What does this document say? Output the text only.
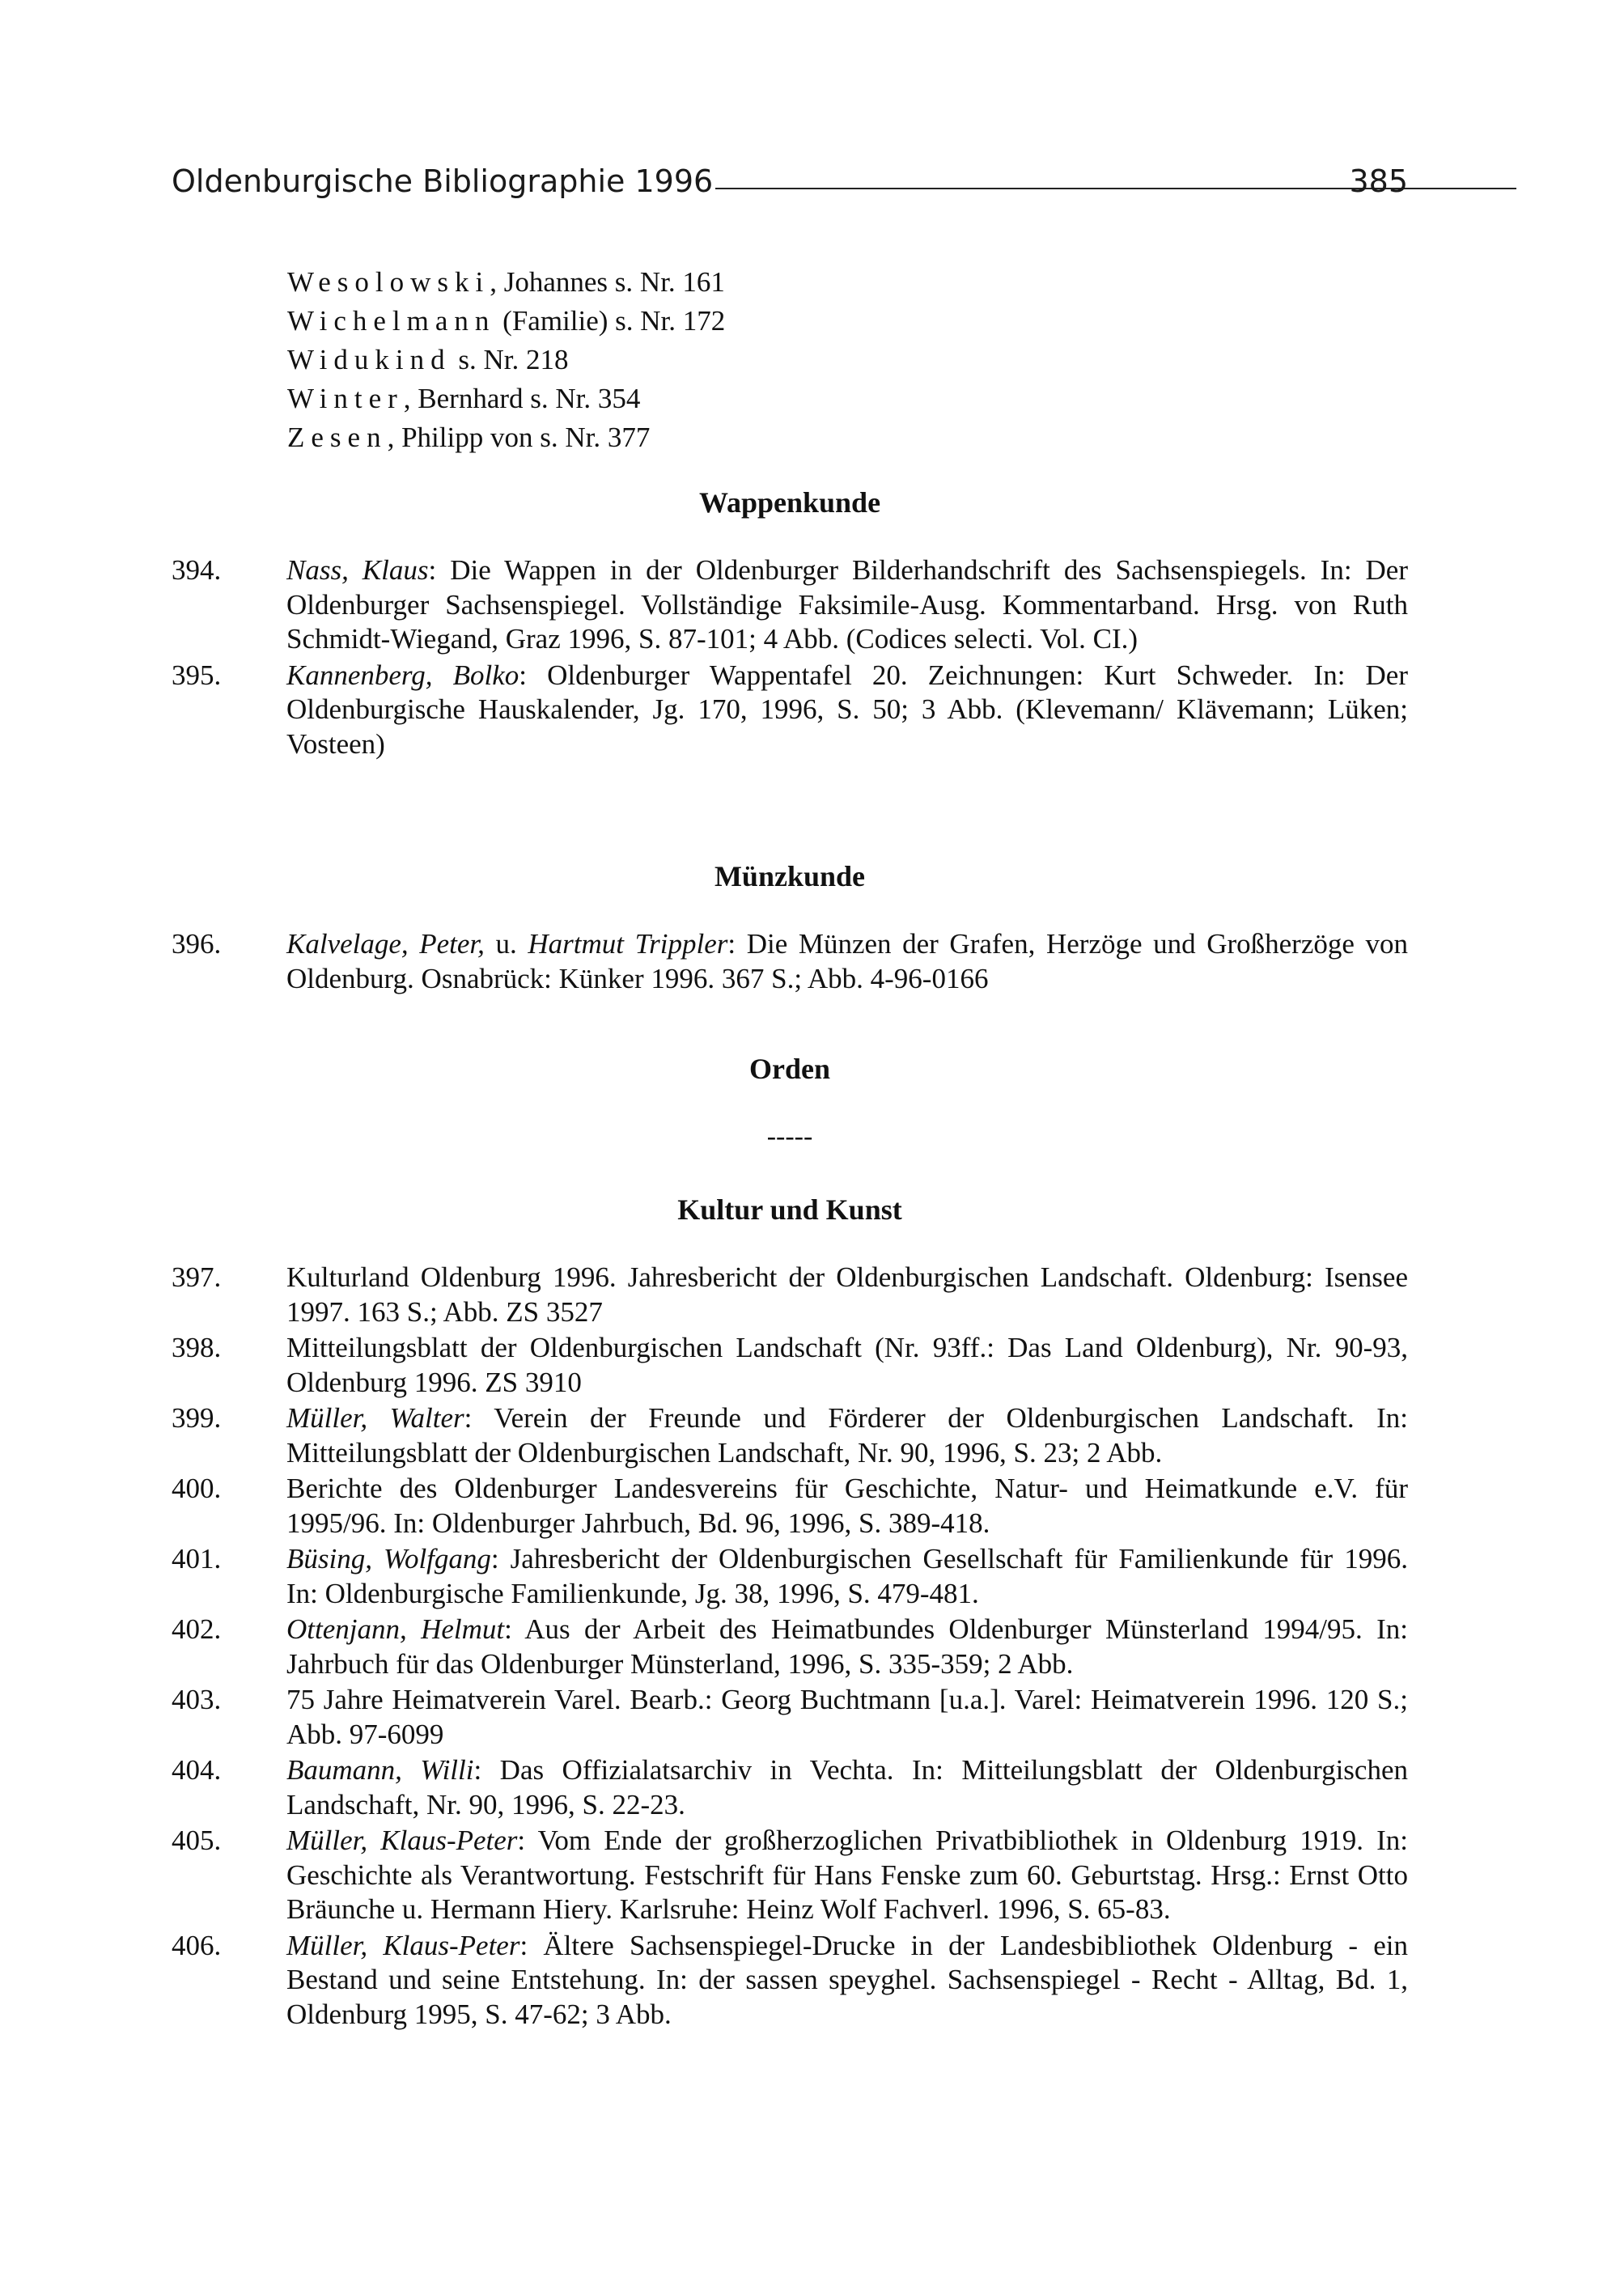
Oldenburgische Bibliographie 1996	385
Wesolowski, Johannes s. Nr. 161
Wichelmann (Familie) s. Nr. 172
Widukind s. Nr. 218
Winter, Bernhard s. Nr. 354
Zesen, Philipp von s. Nr. 377
Wappenkunde
394. Nass, Klaus: Die Wappen in der Oldenburger Bilderhandschrift des Sachsenspiegels. In: Der Oldenburger Sachsenspiegel. Vollständige Faksimile-Ausg. Kommentarband. Hrsg. von Ruth Schmidt-Wiegand, Graz 1996, S. 87-101; 4 Abb. (Codices selecti. Vol. CI.)
395. Kannenberg, Bolko: Oldenburger Wappentafel 20. Zeichnungen: Kurt Schweder. In: Der Oldenburgische Hauskalender, Jg. 170, 1996, S. 50; 3 Abb. (Klevemann/ Klävemann; Lüken; Vosteen)
Münzkunde
396. Kalvelage, Peter, u. Hartmut Trippler: Die Münzen der Grafen, Herzöge und Großherzöge von Oldenburg. Osnabrück: Künker 1996. 367 S.; Abb. 4-96-0166
Orden
-----
Kultur und Kunst
397. Kulturland Oldenburg 1996. Jahresbericht der Oldenburgischen Landschaft. Oldenburg: Isensee 1997. 163 S.; Abb. ZS 3527
398. Mitteilungsblatt der Oldenburgischen Landschaft (Nr. 93ff.: Das Land Oldenburg), Nr. 90-93, Oldenburg 1996. ZS 3910
399. Müller, Walter: Verein der Freunde und Förderer der Oldenburgischen Landschaft. In: Mitteilungsblatt der Oldenburgischen Landschaft, Nr. 90, 1996, S. 23; 2 Abb.
400. Berichte des Oldenburger Landesvereins für Geschichte, Natur- und Heimatkunde e.V. für 1995/96. In: Oldenburger Jahrbuch, Bd. 96, 1996, S. 389-418.
401. Büsing, Wolfgang: Jahresbericht der Oldenburgischen Gesellschaft für Familienkunde für 1996. In: Oldenburgische Familienkunde, Jg. 38, 1996, S. 479-481.
402. Ottenjann, Helmut: Aus der Arbeit des Heimatbundes Oldenburger Münsterland 1994/95. In: Jahrbuch für das Oldenburger Münsterland, 1996, S. 335-359; 2 Abb.
403. 75 Jahre Heimatverein Varel. Bearb.: Georg Buchtmann [u.a.]. Varel: Heimatverein 1996. 120 S.; Abb. 97-6099
404. Baumann, Willi: Das Offizialatsarchiv in Vechta. In: Mitteilungsblatt der Oldenburgischen Landschaft, Nr. 90, 1996, S. 22-23.
405. Müller, Klaus-Peter: Vom Ende der großherzoglichen Privatbibliothek in Oldenburg 1919. In: Geschichte als Verantwortung. Festschrift für Hans Fenske zum 60. Geburtstag. Hrsg.: Ernst Otto Bräunche u. Hermann Hiery. Karlsruhe: Heinz Wolf Fachverl. 1996, S. 65-83.
406. Müller, Klaus-Peter: Ältere Sachsenspiegel-Drucke in der Landesbibliothek Oldenburg - ein Bestand und seine Entstehung. In: der sassen speyghel. Sachsenspiegel - Recht - Alltag, Bd. 1, Oldenburg 1995, S. 47-62; 3 Abb.
